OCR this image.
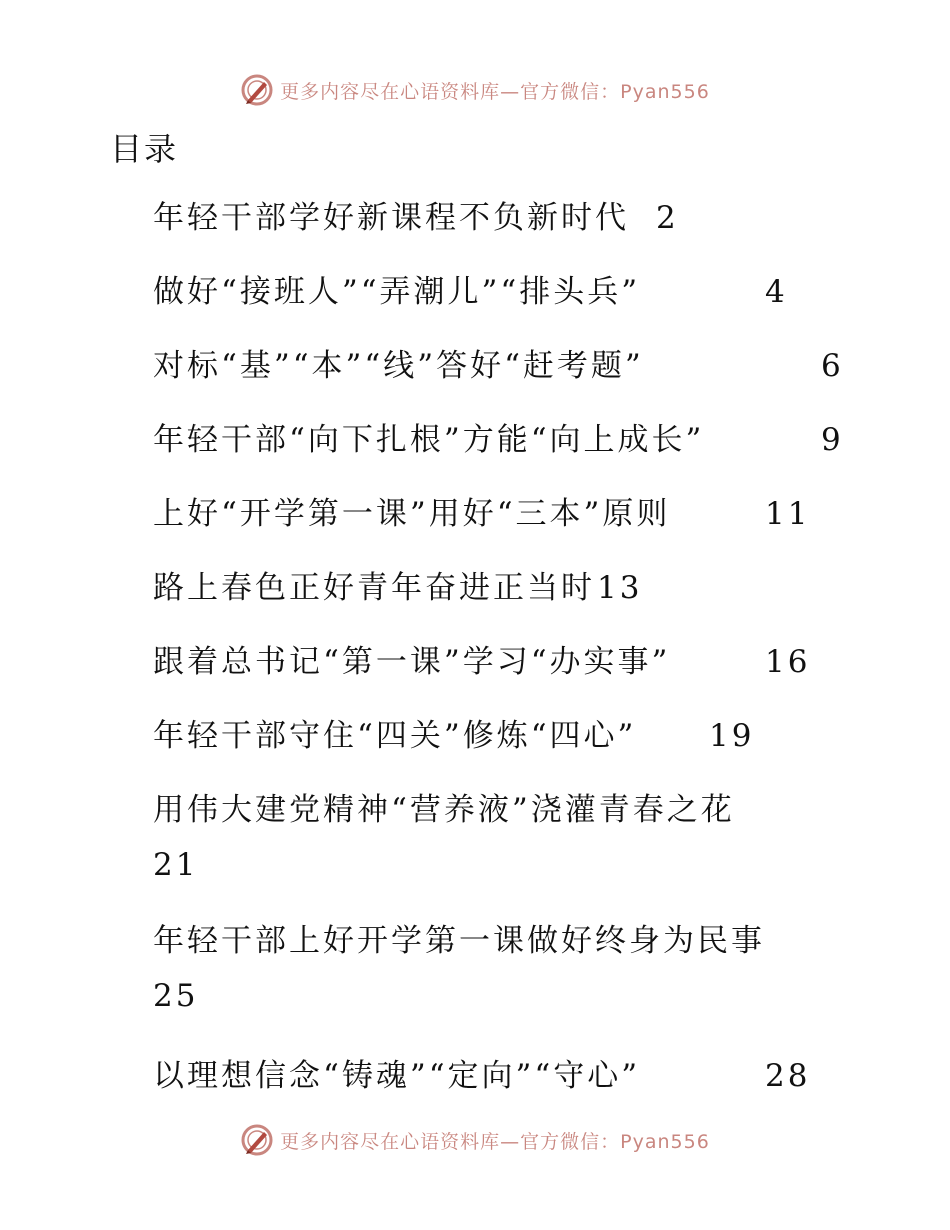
更多内容尽在心语资料库—官方微信：Pyan556
目录
年轻干部学好新课程不负新时代 2
做好“接班人”“弄潮儿”“排头兵”	4
对标“基”“本”“线”答好“赶考题”	6
年轻干部“向下扎根”方能“向上成长”	9
上好“开学第一课”用好“三本”原则	11
路上春色正好青年奋进正当时 13
跟着总书记“第一课”学习“办实事”	16
年轻干部守住“四关”修炼“四心” 19
用伟大建党精神“营养液”浇灌青春之花
21
年轻干部上好开学第一课做好终身为民事
25
以理想信念“铸魂”“定向”“守心”	28
更多内容尽在心语资料库—官方微信：Pyan556
